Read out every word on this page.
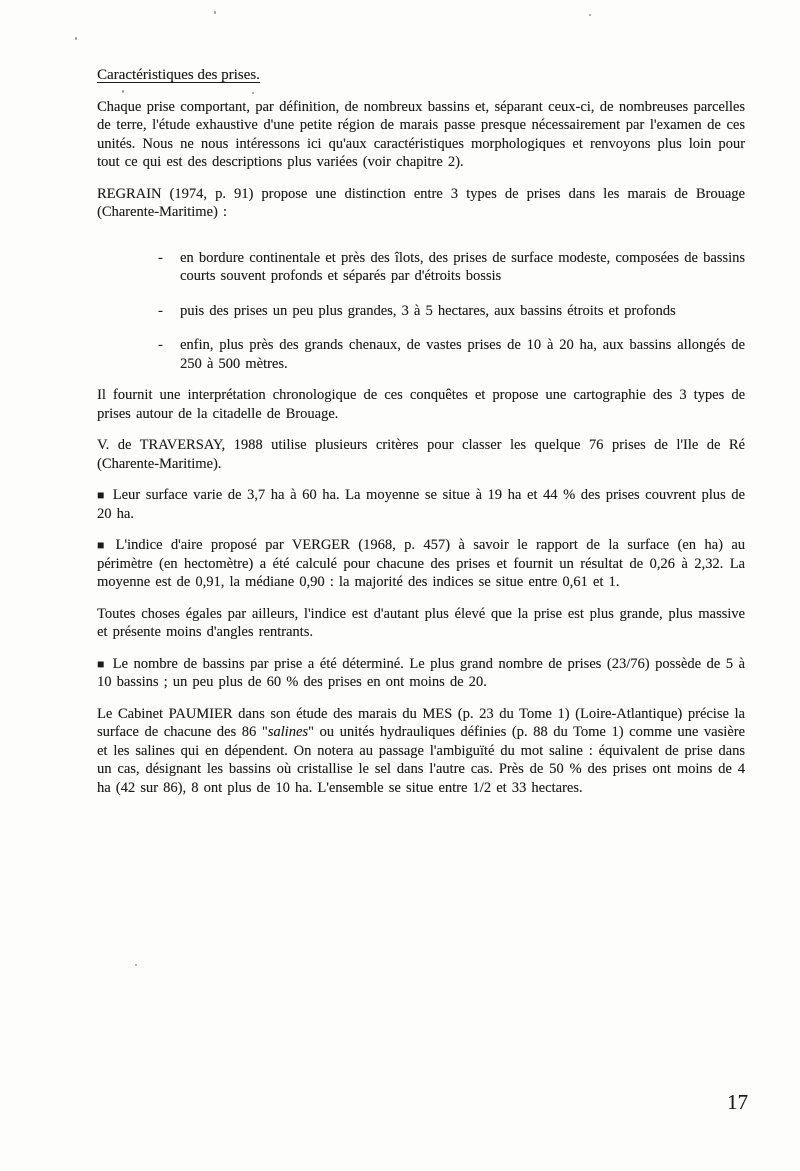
Caractéristiques des prises.

Chaque prise comportant, par définition, de nombreux bassins et, séparant ceux-ci, de nombreuses parcelles de terre, l'étude exhaustive d'une petite région de marais passe presque nécessairement par l'examen de ces unités. Nous ne nous intéressons ici qu'aux caractéristiques morphologiques et renvoyons plus loin pour tout ce qui est des descriptions plus variées (voir chapitre 2).

REGRAIN (1974, p. 91) propose une distinction entre 3 types de prises dans les marais de Brouage (Charente-Maritime) :

- en bordure continentale et près des îlots, des prises de surface modeste, composées de bassins courts souvent profonds et séparés par d'étroits bossis
- puis des prises un peu plus grandes, 3 à 5 hectares, aux bassins étroits et profonds
- enfin, plus près des grands chenaux, de vastes prises de 10 à 20 ha, aux bassins allongés de 250 à 500 mètres.

Il fournit une interprétation chronologique de ces conquêtes et propose une cartographie des 3 types de prises autour de la citadelle de Brouage.

V. de TRAVERSAY, 1988 utilise plusieurs critères pour classer les quelque 76 prises de l'Ile de Ré (Charente-Maritime).

■ Leur surface varie de 3,7 ha à 60 ha. La moyenne se situe à 19 ha et 44 % des prises couvrent plus de 20 ha.

■ L'indice d'aire proposé par VERGER (1968, p. 457) à savoir le rapport de la surface (en ha) au périmètre (en hectomètre) a été calculé pour chacune des prises et fournit un résultat de 0,26 à 2,32. La moyenne est de 0,91, la médiane 0,90 : la majorité des indices se situe entre 0,61 et 1.

Toutes choses égales par ailleurs, l'indice est d'autant plus élevé que la prise est plus grande, plus massive et présente moins d'angles rentrants.

■ Le nombre de bassins par prise a été déterminé. Le plus grand nombre de prises (23/76) possède de 5 à 10 bassins ; un peu plus de 60 % des prises en ont moins de 20.

Le Cabinet PAUMIER dans son étude des marais du MES (p. 23 du Tome 1) (Loire-Atlantique) précise la surface de chacune des 86 "salines" ou unités hydrauliques définies (p. 88 du Tome 1) comme une vasière et les salines qui en dépendent. On notera au passage l'ambiguïté du mot saline : équivalent de prise dans un cas, désignant les bassins où cristallise le sel dans l'autre cas. Près de 50 % des prises ont moins de 4 ha (42 sur 86), 8 ont plus de 10 ha. L'ensemble se situe entre 1/2 et 33 hectares.

17
